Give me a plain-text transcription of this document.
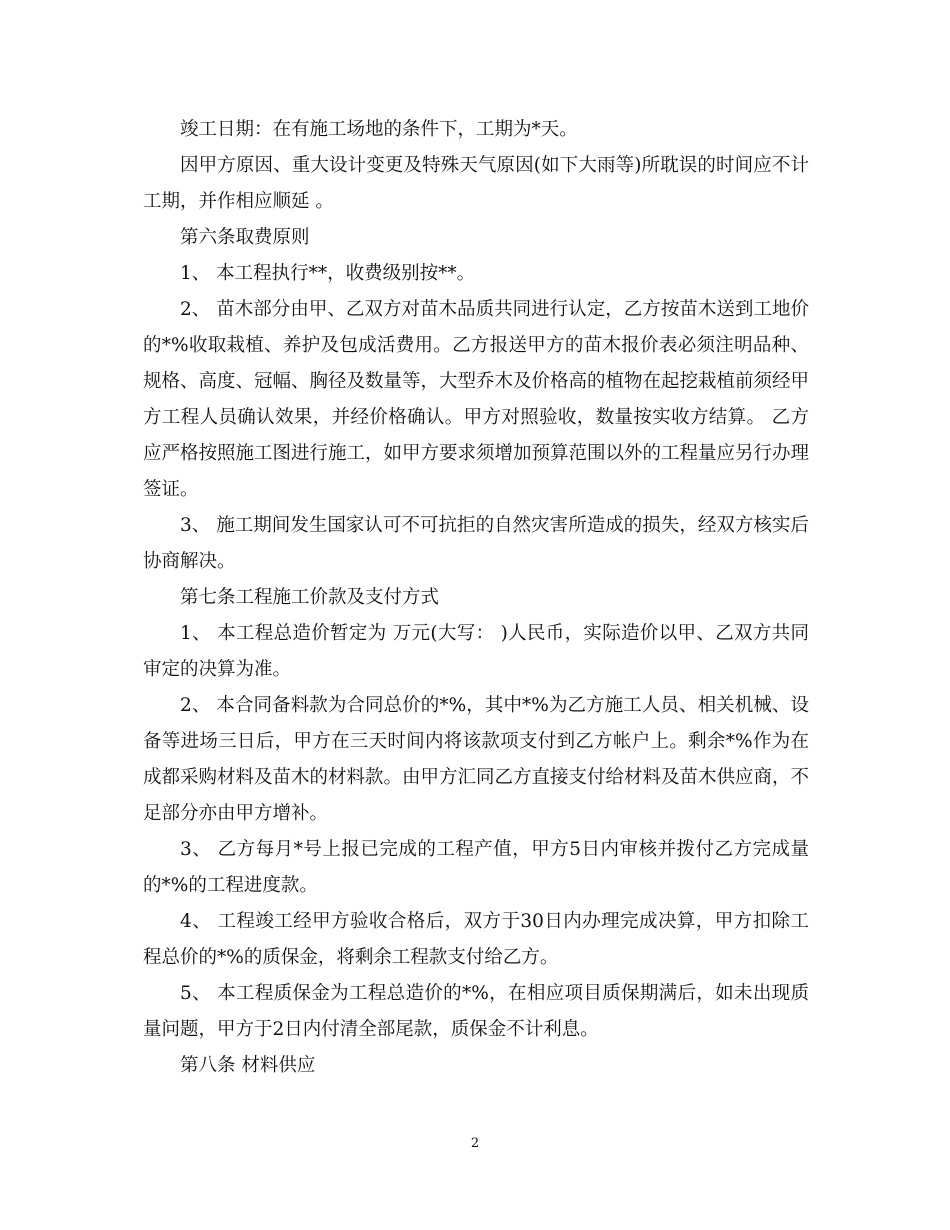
竣工日期：在有施工场地的条件下，工期为*天。

因甲方原因、重大设计变更及特殊天气原因(如下大雨等)所耽误的时间应不计工期，并作相应顺延 。

第六条取费原则

1、 本工程执行**，收费级别按**。

2、 苗木部分由甲、乙双方对苗木品质共同进行认定，乙方按苗木送到工地价的*%收取栽植、养护及包成活费用。乙方报送甲方的苗木报价表必须注明品种、规格、高度、冠幅、胸径及数量等，大型乔木及价格高的植物在起挖栽植前须经甲方工程人员确认效果，并经价格确认。甲方对照验收，数量按实收方结算。 乙方应严格按照施工图进行施工，如甲方要求须增加预算范围以外的工程量应另行办理签证。

3、 施工期间发生国家认可不可抗拒的自然灾害所造成的损失，经双方核实后协商解决。

第七条工程施工价款及支付方式

1、 本工程总造价暂定为 万元(大写： )人民币，实际造价以甲、乙双方共同审定的决算为准。

2、 本合同备料款为合同总价的*%，其中*%为乙方施工人员、相关机械、设备等进场三日后，甲方在三天时间内将该款项支付到乙方帐户上。剩余*%作为在成都采购材料及苗木的材料款。由甲方汇同乙方直接支付给材料及苗木供应商，不足部分亦由甲方增补。

3、 乙方每月*号上报已完成的工程产值，甲方5日内审核并拨付乙方完成量的*%的工程进度款。

4、 工程竣工经甲方验收合格后，双方于30日内办理完成决算，甲方扣除工程总价的*%的质保金，将剩余工程款支付给乙方。

5、 本工程质保金为工程总造价的*%，在相应项目质保期满后，如未出现质量问题，甲方于2日内付清全部尾款，质保金不计利息。

第八条 材料供应

2
